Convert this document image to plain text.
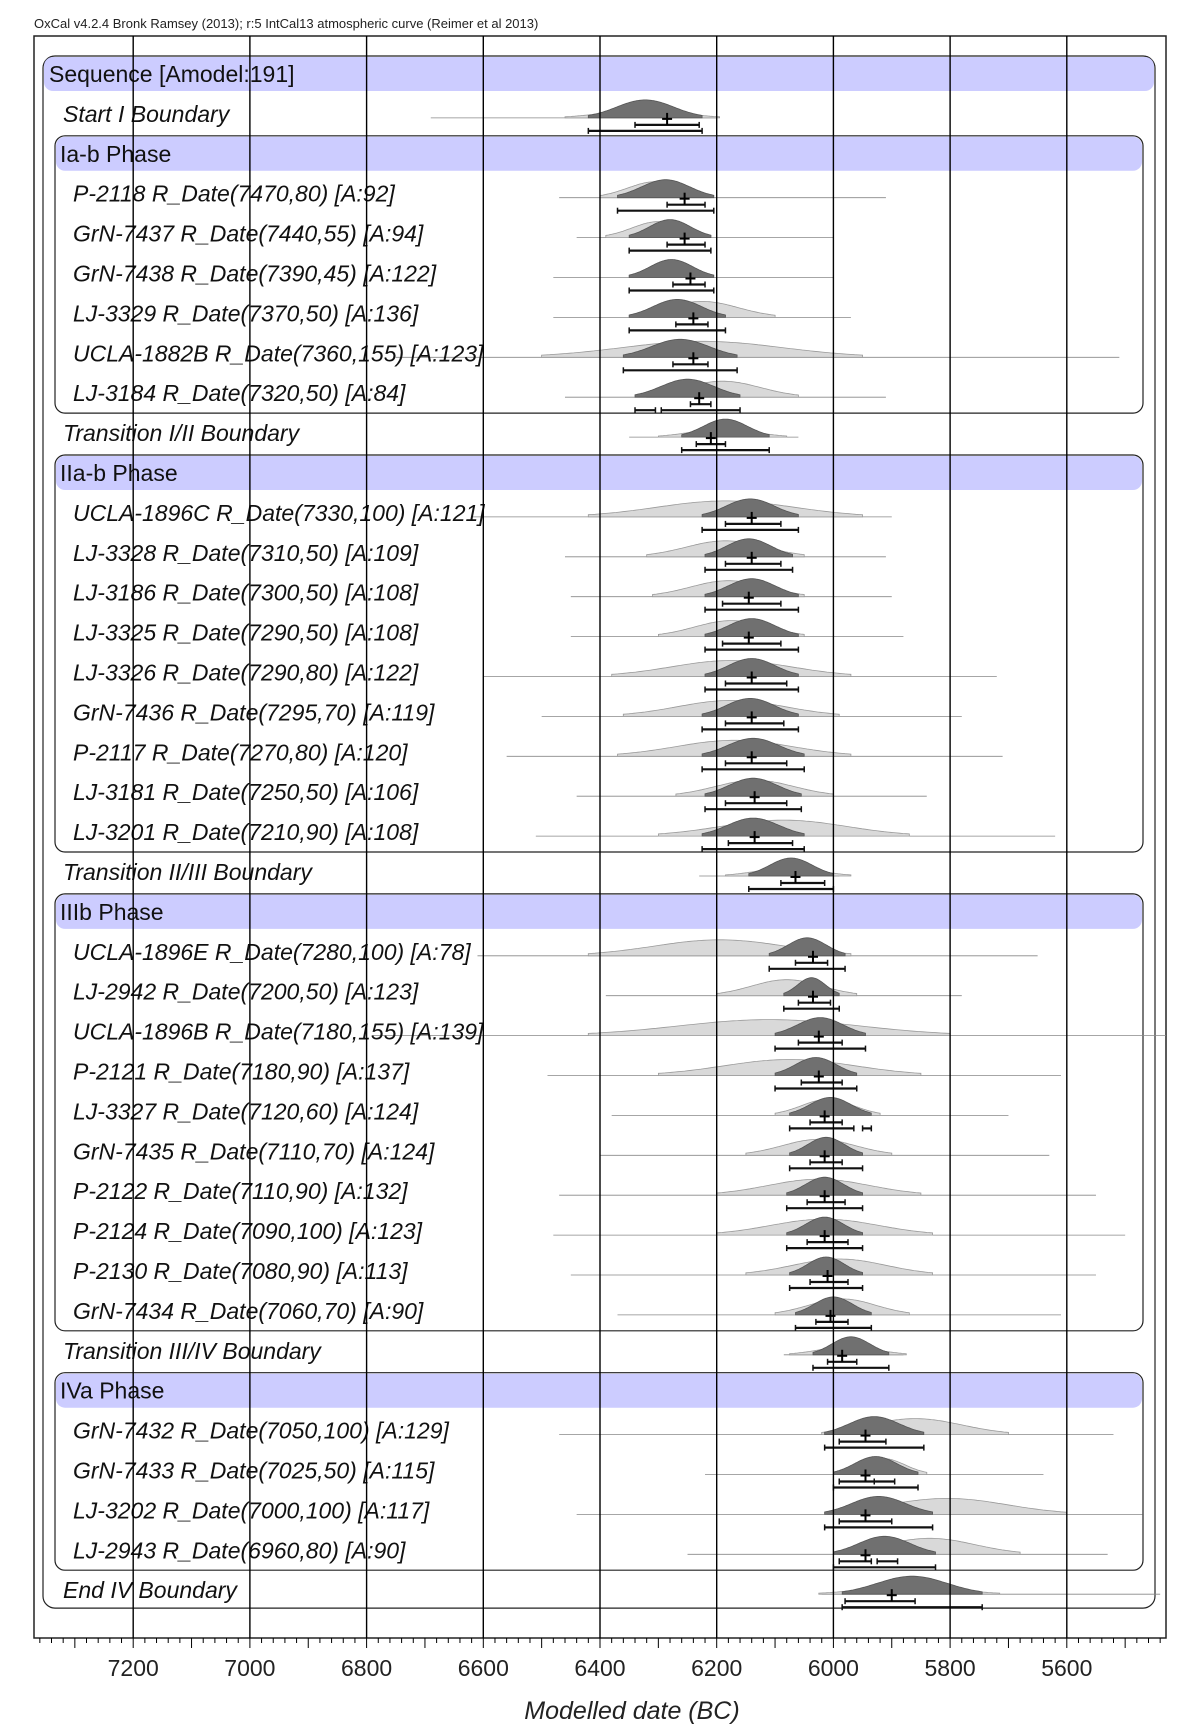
OxCal v4.2.4 Bronk Ramsey (2013); r:5 IntCal13 atmospheric curve (Reimer et al 2013)
Sequence [Amodel:191]
Start I Boundary
Ia-b Phase
P-2118 R_Date(7470,80) [A:92]
GrN-7437 R_Date(7440,55) [A:94]
GrN-7438 R_Date(7390,45) [A:122]
LJ-3329 R_Date(7370,50) [A:136]
UCLA-1882B R_Date(7360,155) [A:123]
LJ-3184 R_Date(7320,50) [A:84]
Transition I/II Boundary
IIa-b Phase
UCLA-1896C R_Date(7330,100) [A:121]
LJ-3328 R_Date(7310,50) [A:109]
LJ-3186 R_Date(7300,50) [A:108]
LJ-3325 R_Date(7290,50) [A:108]
LJ-3326 R_Date(7290,80) [A:122]
GrN-7436 R_Date(7295,70) [A:119]
P-2117 R_Date(7270,80) [A:120]
LJ-3181 R_Date(7250,50) [A:106]
LJ-3201 R_Date(7210,90) [A:108]
Transition II/III Boundary
IIIb Phase
UCLA-1896E R_Date(7280,100) [A:78]
LJ-2942 R_Date(7200,50) [A:123]
UCLA-1896B R_Date(7180,155) [A:139]
P-2121 R_Date(7180,90) [A:137]
LJ-3327 R_Date(7120,60) [A:124]
GrN-7435 R_Date(7110,70) [A:124]
P-2122 R_Date(7110,90) [A:132]
P-2124 R_Date(7090,100) [A:123]
P-2130 R_Date(7080,90) [A:113]
GrN-7434 R_Date(7060,70) [A:90]
Transition III/IV Boundary
IVa Phase
GrN-7432 R_Date(7050,100) [A:129]
GrN-7433 R_Date(7025,50) [A:115]
LJ-3202 R_Date(7000,100) [A:117]
LJ-2943 R_Date(6960,80) [A:90]
End IV Boundary
7200	7000	6800	6600	6400	6200	6000	5800	5600
Modelled date (BC)
